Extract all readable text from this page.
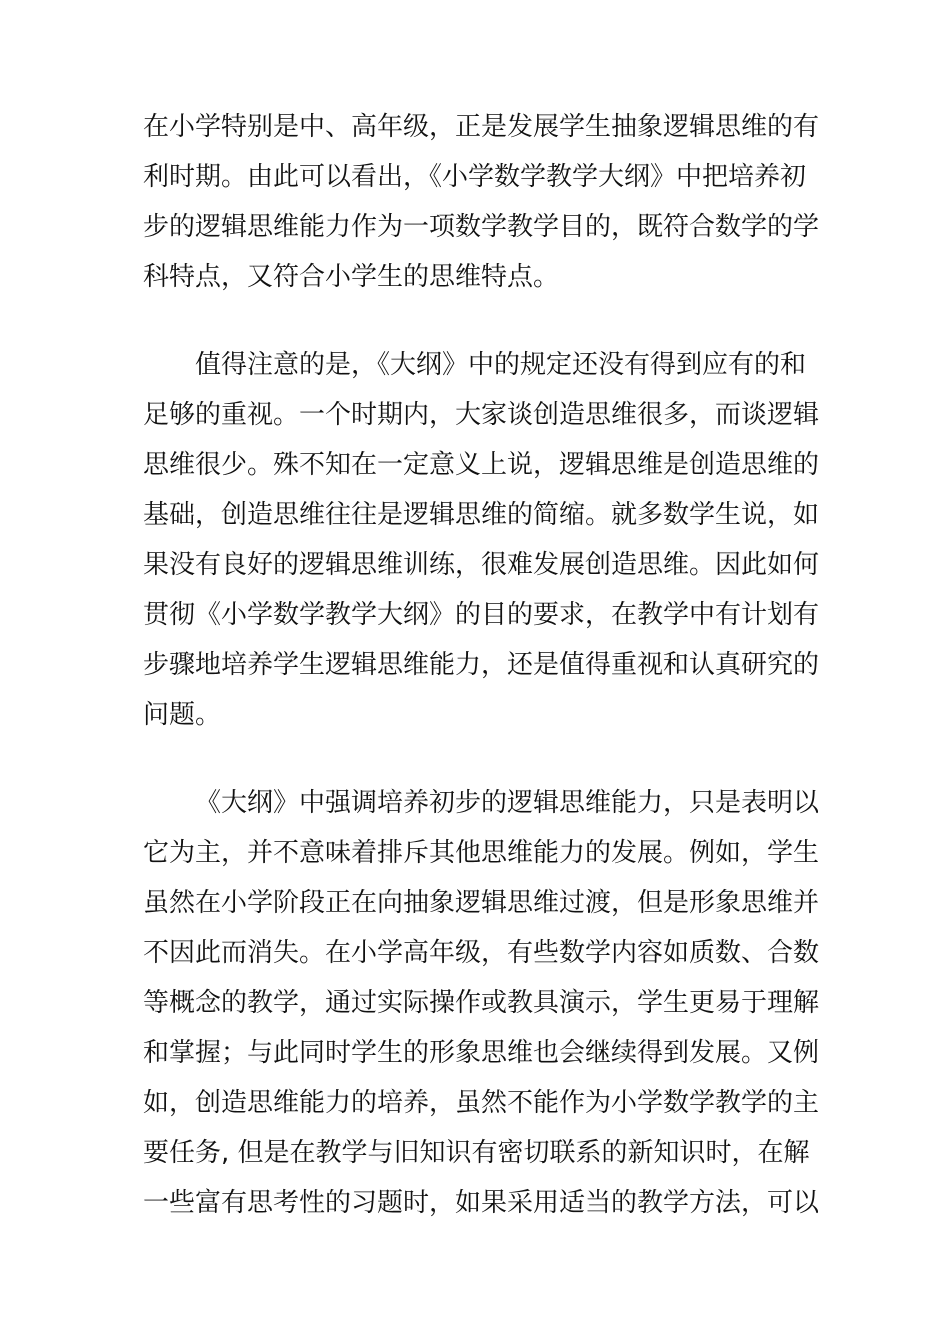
在小学特别是中、高年级，正是发展学生抽象逻辑思维的有
利时期。由此可以看出，《小学数学教学大纲》中把培养初
步的逻辑思维能力作为一项数学教学目的，既符合数学的学
科特点，又符合小学生的思维特点。
值得注意的是，《大纲》中的规定还没有得到应有的和
足够的重视。一个时期内，大家谈创造思维很多，而谈逻辑
思维很少。殊不知在一定意义上说，逻辑思维是创造思维的
基础，创造思维往往是逻辑思维的简缩。就多数学生说，如
果没有良好的逻辑思维训练，很难发展创造思维。因此如何
贯彻《小学数学教学大纲》的目的要求，在教学中有计划有
步骤地培养学生逻辑思维能力，还是值得重视和认真研究的
问题。
《大纲》中强调培养初步的逻辑思维能力，只是表明以
它为主，并不意味着排斥其他思维能力的发展。例如，学生
虽然在小学阶段正在向抽象逻辑思维过渡，但是形象思维并
不因此而消失。在小学高年级，有些数学内容如质数、合数
等概念的教学，通过实际操作或教具演示，学生更易于理解
和掌握；与此同时学生的形象思维也会继续得到发展。又例
如，创造思维能力的培养，虽然不能作为小学数学教学的主
要任务, 但是在教学与旧知识有密切联系的新知识时，在解
一些富有思考性的习题时，如果采用适当的教学方法，可以
